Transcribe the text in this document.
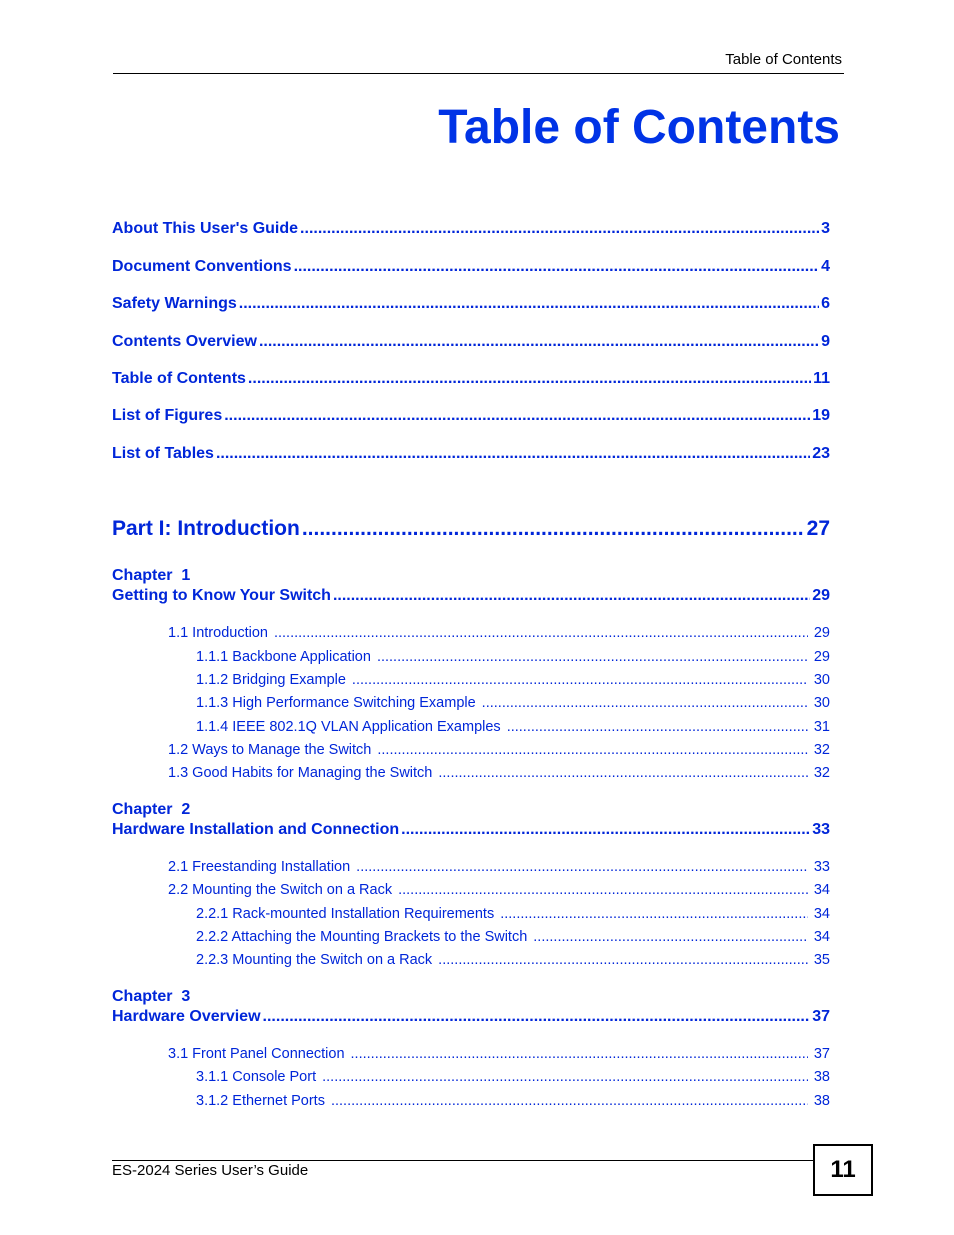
Table of Contents
Table of Contents
About This User's Guide .....	3
Document Conventions .....	4
Safety Warnings .....	6
Contents Overview .....	9
Table of Contents .....	11
List of Figures .....	19
List of Tables .....	23
Part I: Introduction .....	27
Chapter  1
Getting to Know Your Switch .....	29
1.1 Introduction .....	29
1.1.1 Backbone Application .....	29
1.1.2 Bridging Example .....	30
1.1.3 High Performance Switching Example .....	30
1.1.4 IEEE 802.1Q VLAN Application Examples .....	31
1.2 Ways to Manage the Switch .....	32
1.3 Good Habits for Managing the Switch .....	32
Chapter  2
Hardware Installation and Connection .....	33
2.1 Freestanding Installation .....	33
2.2 Mounting the Switch on a Rack .....	34
2.2.1 Rack-mounted Installation Requirements .....	34
2.2.2 Attaching the Mounting Brackets to the Switch .....	34
2.2.3 Mounting the Switch on a Rack .....	35
Chapter  3
Hardware Overview .....	37
3.1 Front Panel Connection .....	37
3.1.1 Console Port .....	38
3.1.2 Ethernet Ports .....	38
ES-2024 Series User’s Guide	11
